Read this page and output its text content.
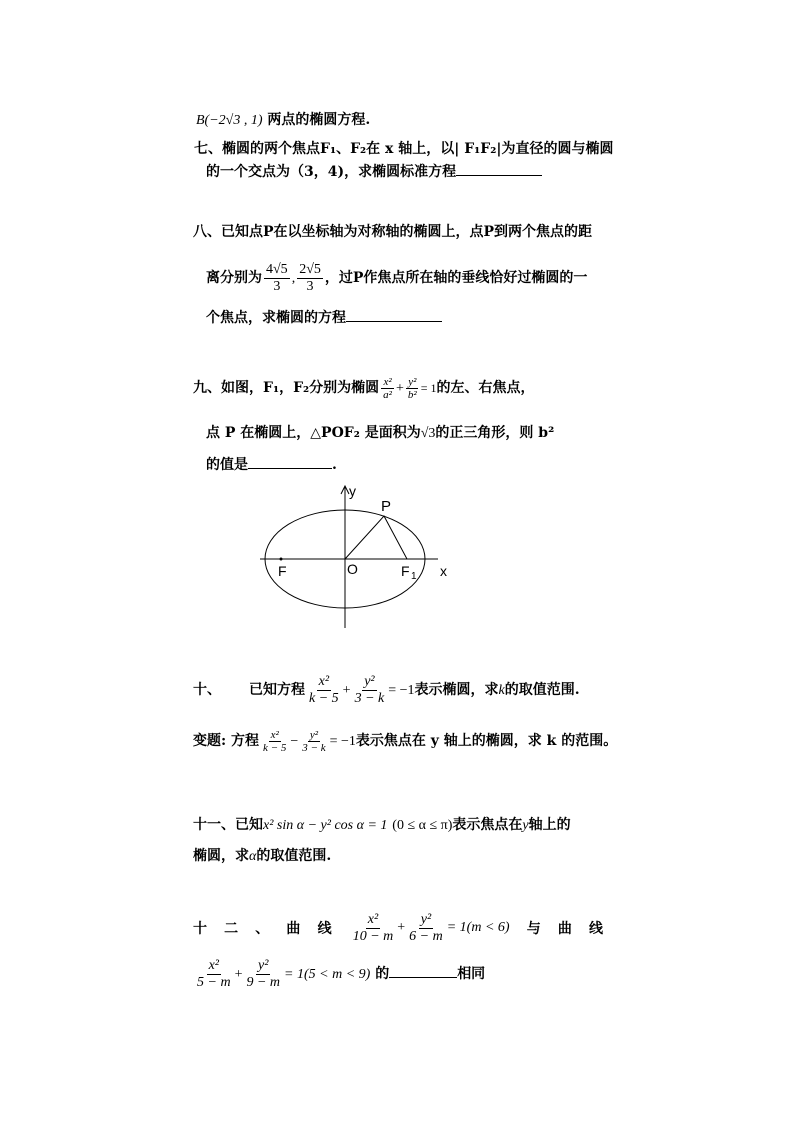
B(−2√3 , 1) 两点的椭圆方程.
七、椭圆的两个焦点F₁、F₂在 x 轴上，以| F₁F₂|为直径的圆与椭圆
的一个交点为（3，4)，求椭圆标准方程
八、已知点P在以坐标轴为对称轴的椭圆上，点P到两个焦点的距
离分别为 $\frac{4√5}{3}$ , $\frac{2√5}{3}$ ，过P作焦点所在轴的垂线恰好过椭圆的一
个焦点，求椭圆的方程
九、如图，F₁，F₂分别为椭圆 $\frac{\text{x²}}{\text{a²}} + \frac{\text{y²}}{\text{b²}} = 1$的左、右焦点，
点 P 在椭圆上，△POF₂ 是面积为√3的正三角形，则 b²
的值是	.
y
P
F	O	F 1 x
十、 已知方程 $\frac{\text{x²}}{k - 5} + \frac{\text{y²}}{3 - k} = -1$表示椭圆，求k的取值范围.
变题: 方程 $\frac{\text{x²}}{k - 5} - \frac{\text{y²}}{3 - k} = -1$表示焦点在 y 轴上的椭圆，求 k 的范围。
十一、已知x² sin α − y² cos α = 1 (0 ≤ α ≤ π)表示焦点在y轴上的
椭圆，求α的取值范围.
十 二 、 曲 线 $\frac{\text{x²}}{10 - m} + \frac{\text{y²}}{6 - m} = 1(m < 6)$ 与 曲 线
$\frac{\text{x²}}{5 - m} + \frac{\text{y²}}{9 - m} = 1(5 < m < 9)$ 的	相同
